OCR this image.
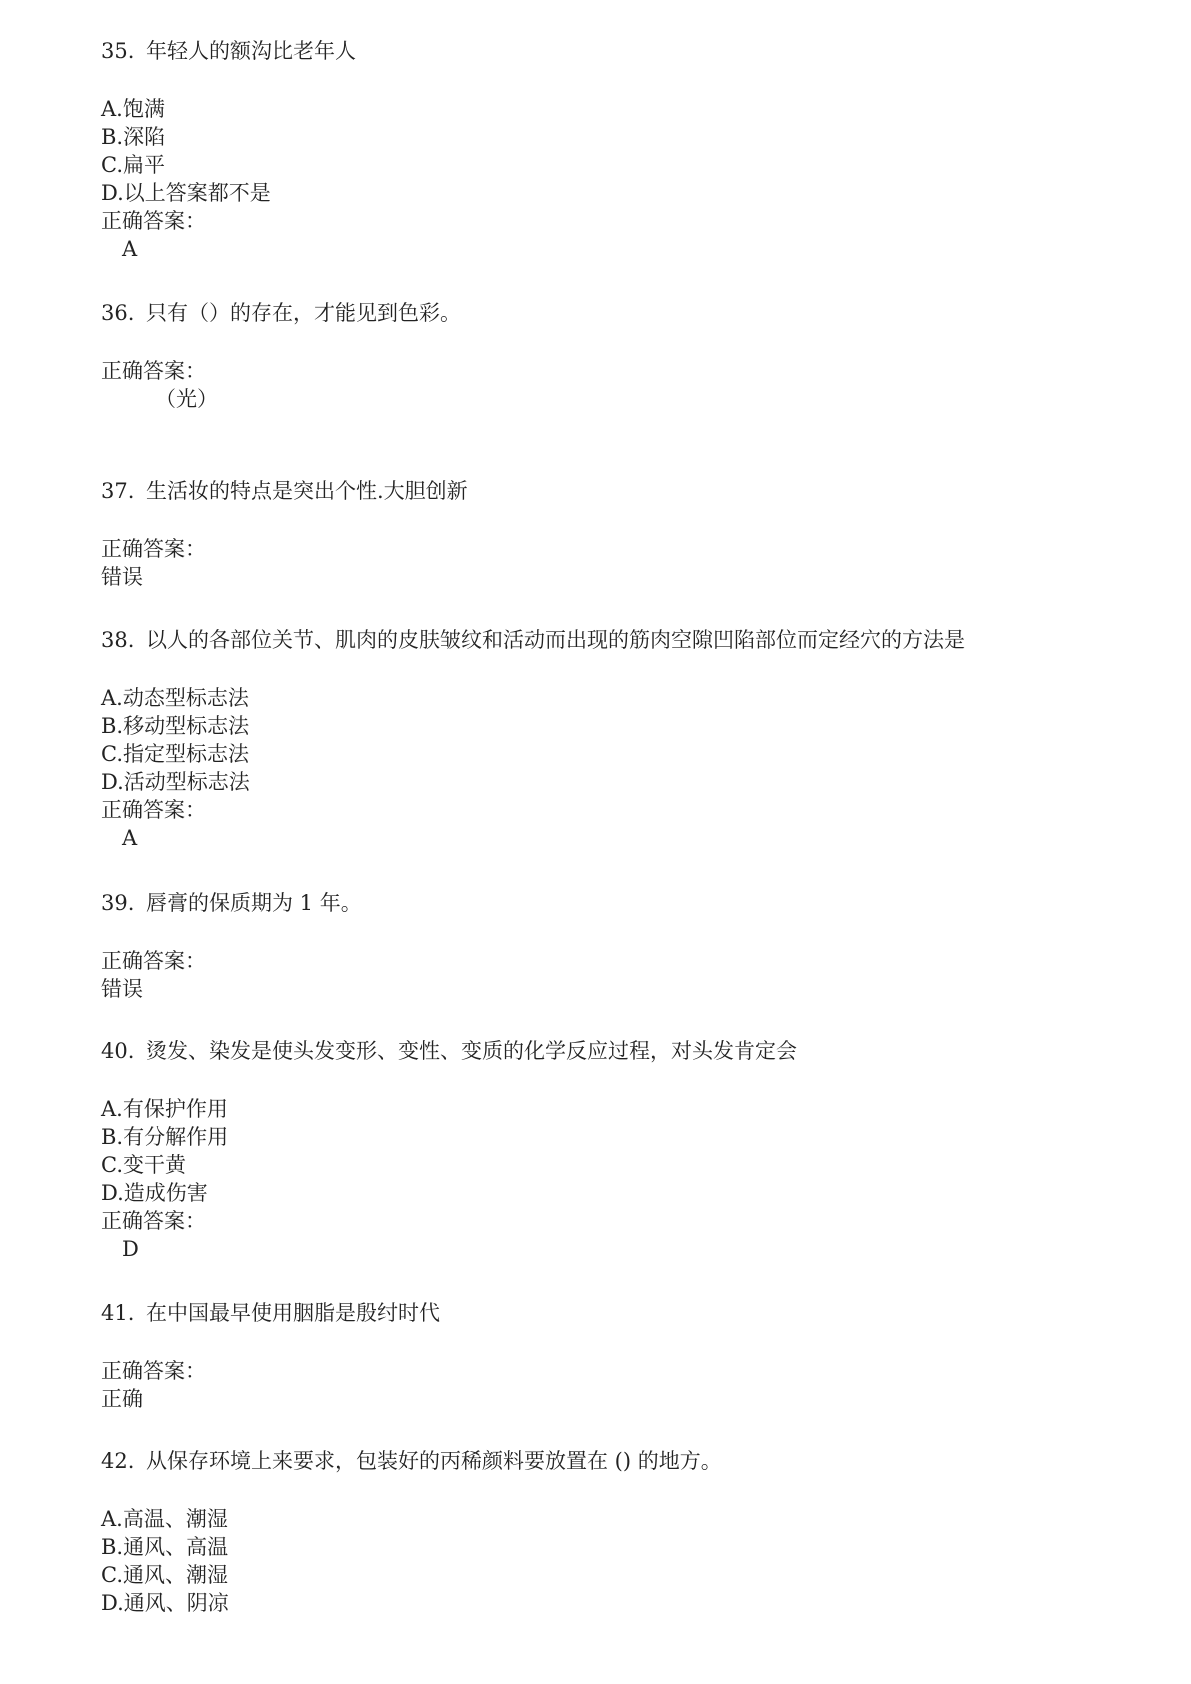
35. 年轻人的额沟比老年人
A.饱满
B.深陷
C.扁平
D.以上答案都不是
正确答案：
A
36. 只有（）的存在，才能见到色彩。
正确答案：
（光）
37. 生活妆的特点是突出个性.大胆创新
正确答案：
错误
38. 以人的各部位关节、肌肉的皮肤皱纹和活动而出现的筋肉空隙凹陷部位而定经穴的方法是
A.动态型标志法
B.移动型标志法
C.指定型标志法
D.活动型标志法
正确答案：
A
39. 唇膏的保质期为 1 年。
正确答案：
错误
40. 烫发、染发是使头发变形、变性、变质的化学反应过程，对头发肯定会
A.有保护作用
B.有分解作用
C.变干黄
D.造成伤害
正确答案：
D
41. 在中国最早使用胭脂是殷纣时代
正确答案：
正确
42. 从保存环境上来要求，包装好的丙稀颜料要放置在 () 的地方。
A.高温、潮湿
B.通风、高温
C.通风、潮湿
D.通风、阴凉
